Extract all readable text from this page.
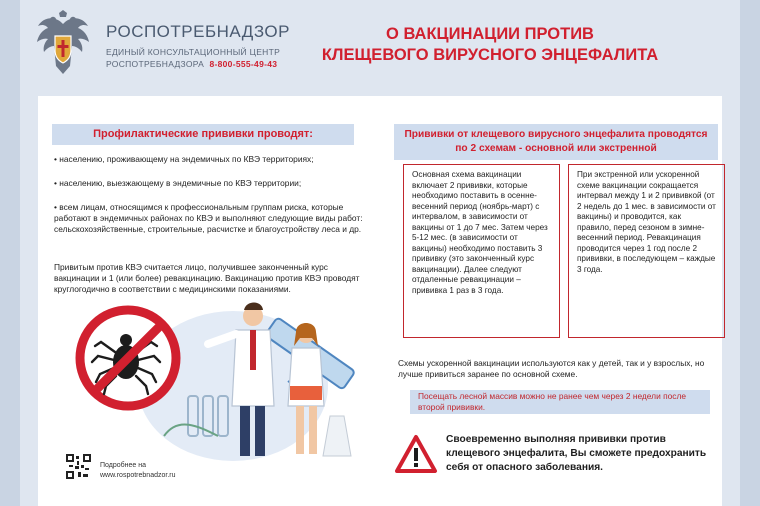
РОСПОТРЕБНАДЗОР
ЕДИНЫЙ КОНСУЛЬТАЦИОННЫЙ ЦЕНТР
РОСПОТРЕБНАДЗОРА 8-800-555-49-43
О ВАКЦИНАЦИИ ПРОТИВ
КЛЕЩЕВОГО ВИРУСНОГО ЭНЦЕФАЛИТА
Профилактические прививки проводят:
• населению, проживающему на эндемичных по КВЭ территориях;
• населению, выезжающему в эндемичные по КВЭ территории;
• всем лицам, относящимся к профессиональным группам риска, которые работают в эндемичных районах по КВЭ и выполняют следующие виды работ: сельскохозяйственные, строительные, расчистке и благоустройству леса и др.
Привитым против КВЭ считается лицо, получившее законченный курс вакцинации и 1 (или более) ревакцинацию. Вакцинацию против КВЭ проводят круглогодично в соответствии с медицинскими показаниями.
Подробнее на
www.rospotrebnadzor.ru
Прививки от клещевого вирусного энцефалита проводятся
по 2 схемам - основной или экстренной
Основная схема вакцинации включает 2 прививки, которые необходимо поставить в осенне-весенний период (ноябрь-март) с интервалом, в зависимости от вакцины от 1 до 7 мес. Затем через 5-12 мес. (в зависимости от вакцины) необходимо поставить 3 прививку (это законченный курс вакцинации). Далее следуют отдаленные ревакцинации – прививка 1 раз в 3 года.
При экстренной или ускоренной схеме вакцинации сокращается интервал между 1 и 2 прививкой (от 2 недель до 1 мес. в зависимости от вакцины) и проводится, как правило, перед сезоном в зимне-весенний период. Ревакцинация проводится через 1 год после 2 прививки, в последующем – каждые 3 года.
Схемы ускоренной вакцинации используются как у детей, так и у взрослых, но лучше привиться заранее по основной схеме.
Посещать лесной массив можно не ранее чем через 2 недели после второй прививки.
Своевременно выполняя прививки против клещевого энцефалита, Вы сможете предохранить себя от опасного заболевания.
